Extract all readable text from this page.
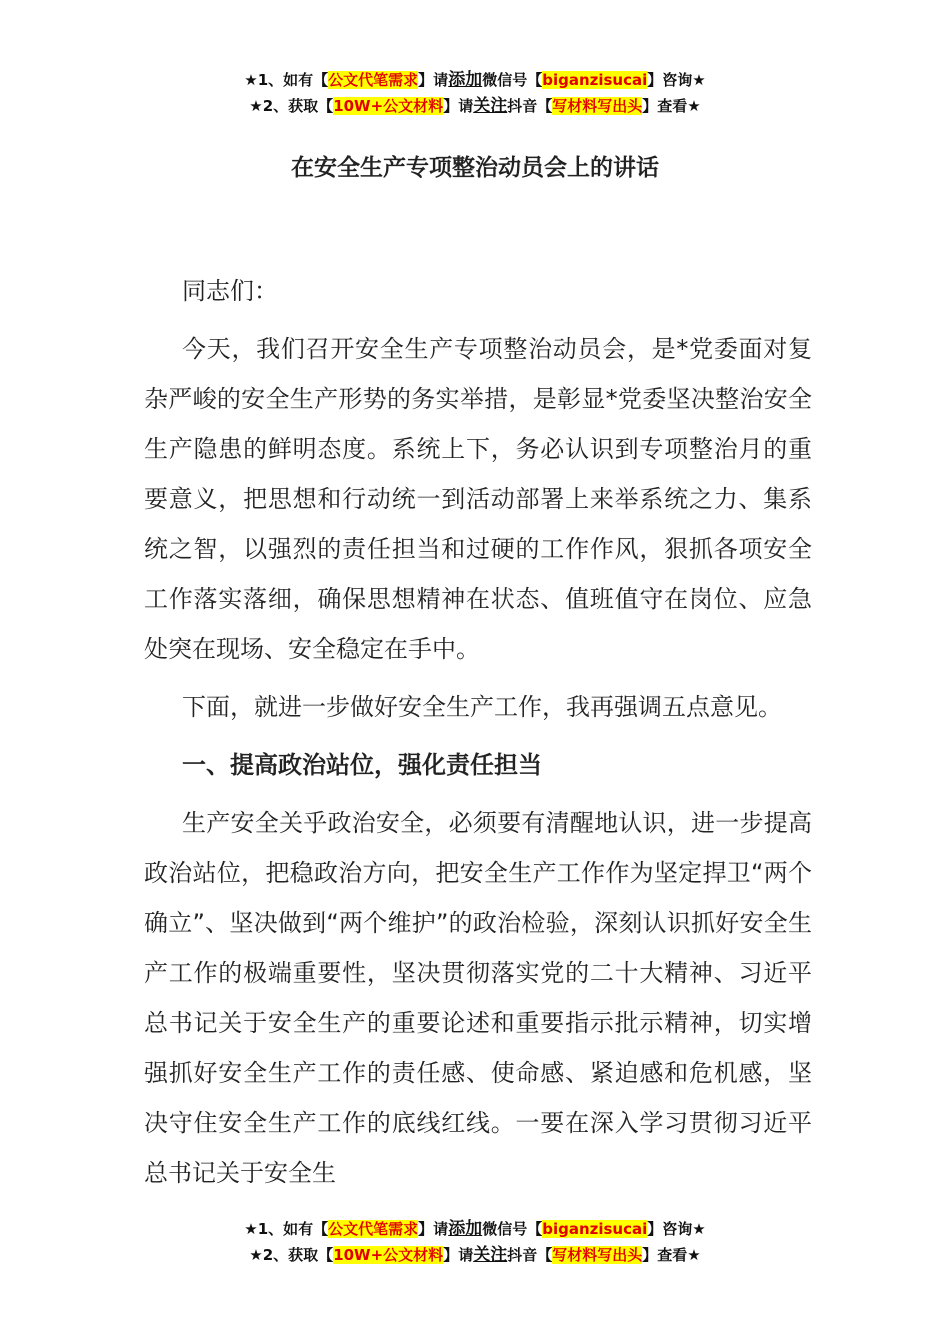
★1、如有【公文代笔需求】请添加微信号【biganzisucai】咨询★
★2、获取【10W+公文材料】请关注抖音【写材料写出头】查看★
在安全生产专项整治动员会上的讲话

同志们：

今天，我们召开安全生产专项整治动员会，是*党委面对复杂严峻的安全生产形势的务实举措，是彰显*党委坚决整治安全生产隐患的鲜明态度。系统上下，务必认识到专项整治月的重要意义，把思想和行动统一到活动部署上来举系统之力、集系统之智，以强烈的责任担当和过硬的工作作风，狠抓各项安全工作落实落细，确保思想精神在状态、值班值守在岗位、应急处突在现场、安全稳定在手中。

下面，就进一步做好安全生产工作，我再强调五点意见。

一、提高政治站位，强化责任担当

生产安全关乎政治安全，必须要有清醒地认识，进一步提高政治站位，把稳政治方向，把安全生产工作作为坚定捍卫“两个确立”、坚决做到“两个维护”的政治检验，深刻认识抓好安全生产工作的极端重要性，坚决贯彻落实党的二十大精神、习近平总书记关于安全生产的重要论述和重要指示批示精神，切实增强抓好安全生产工作的责任感、使命感、紧迫感和危机感，坚决守住安全生产工作的底线红线。一要在深入学习贯彻习近平总书记关于安全生

★1、如有【公文代笔需求】请添加微信号【biganzisucai】咨询★
★2、获取【10W+公文材料】请关注抖音【写材料写出头】查看★
